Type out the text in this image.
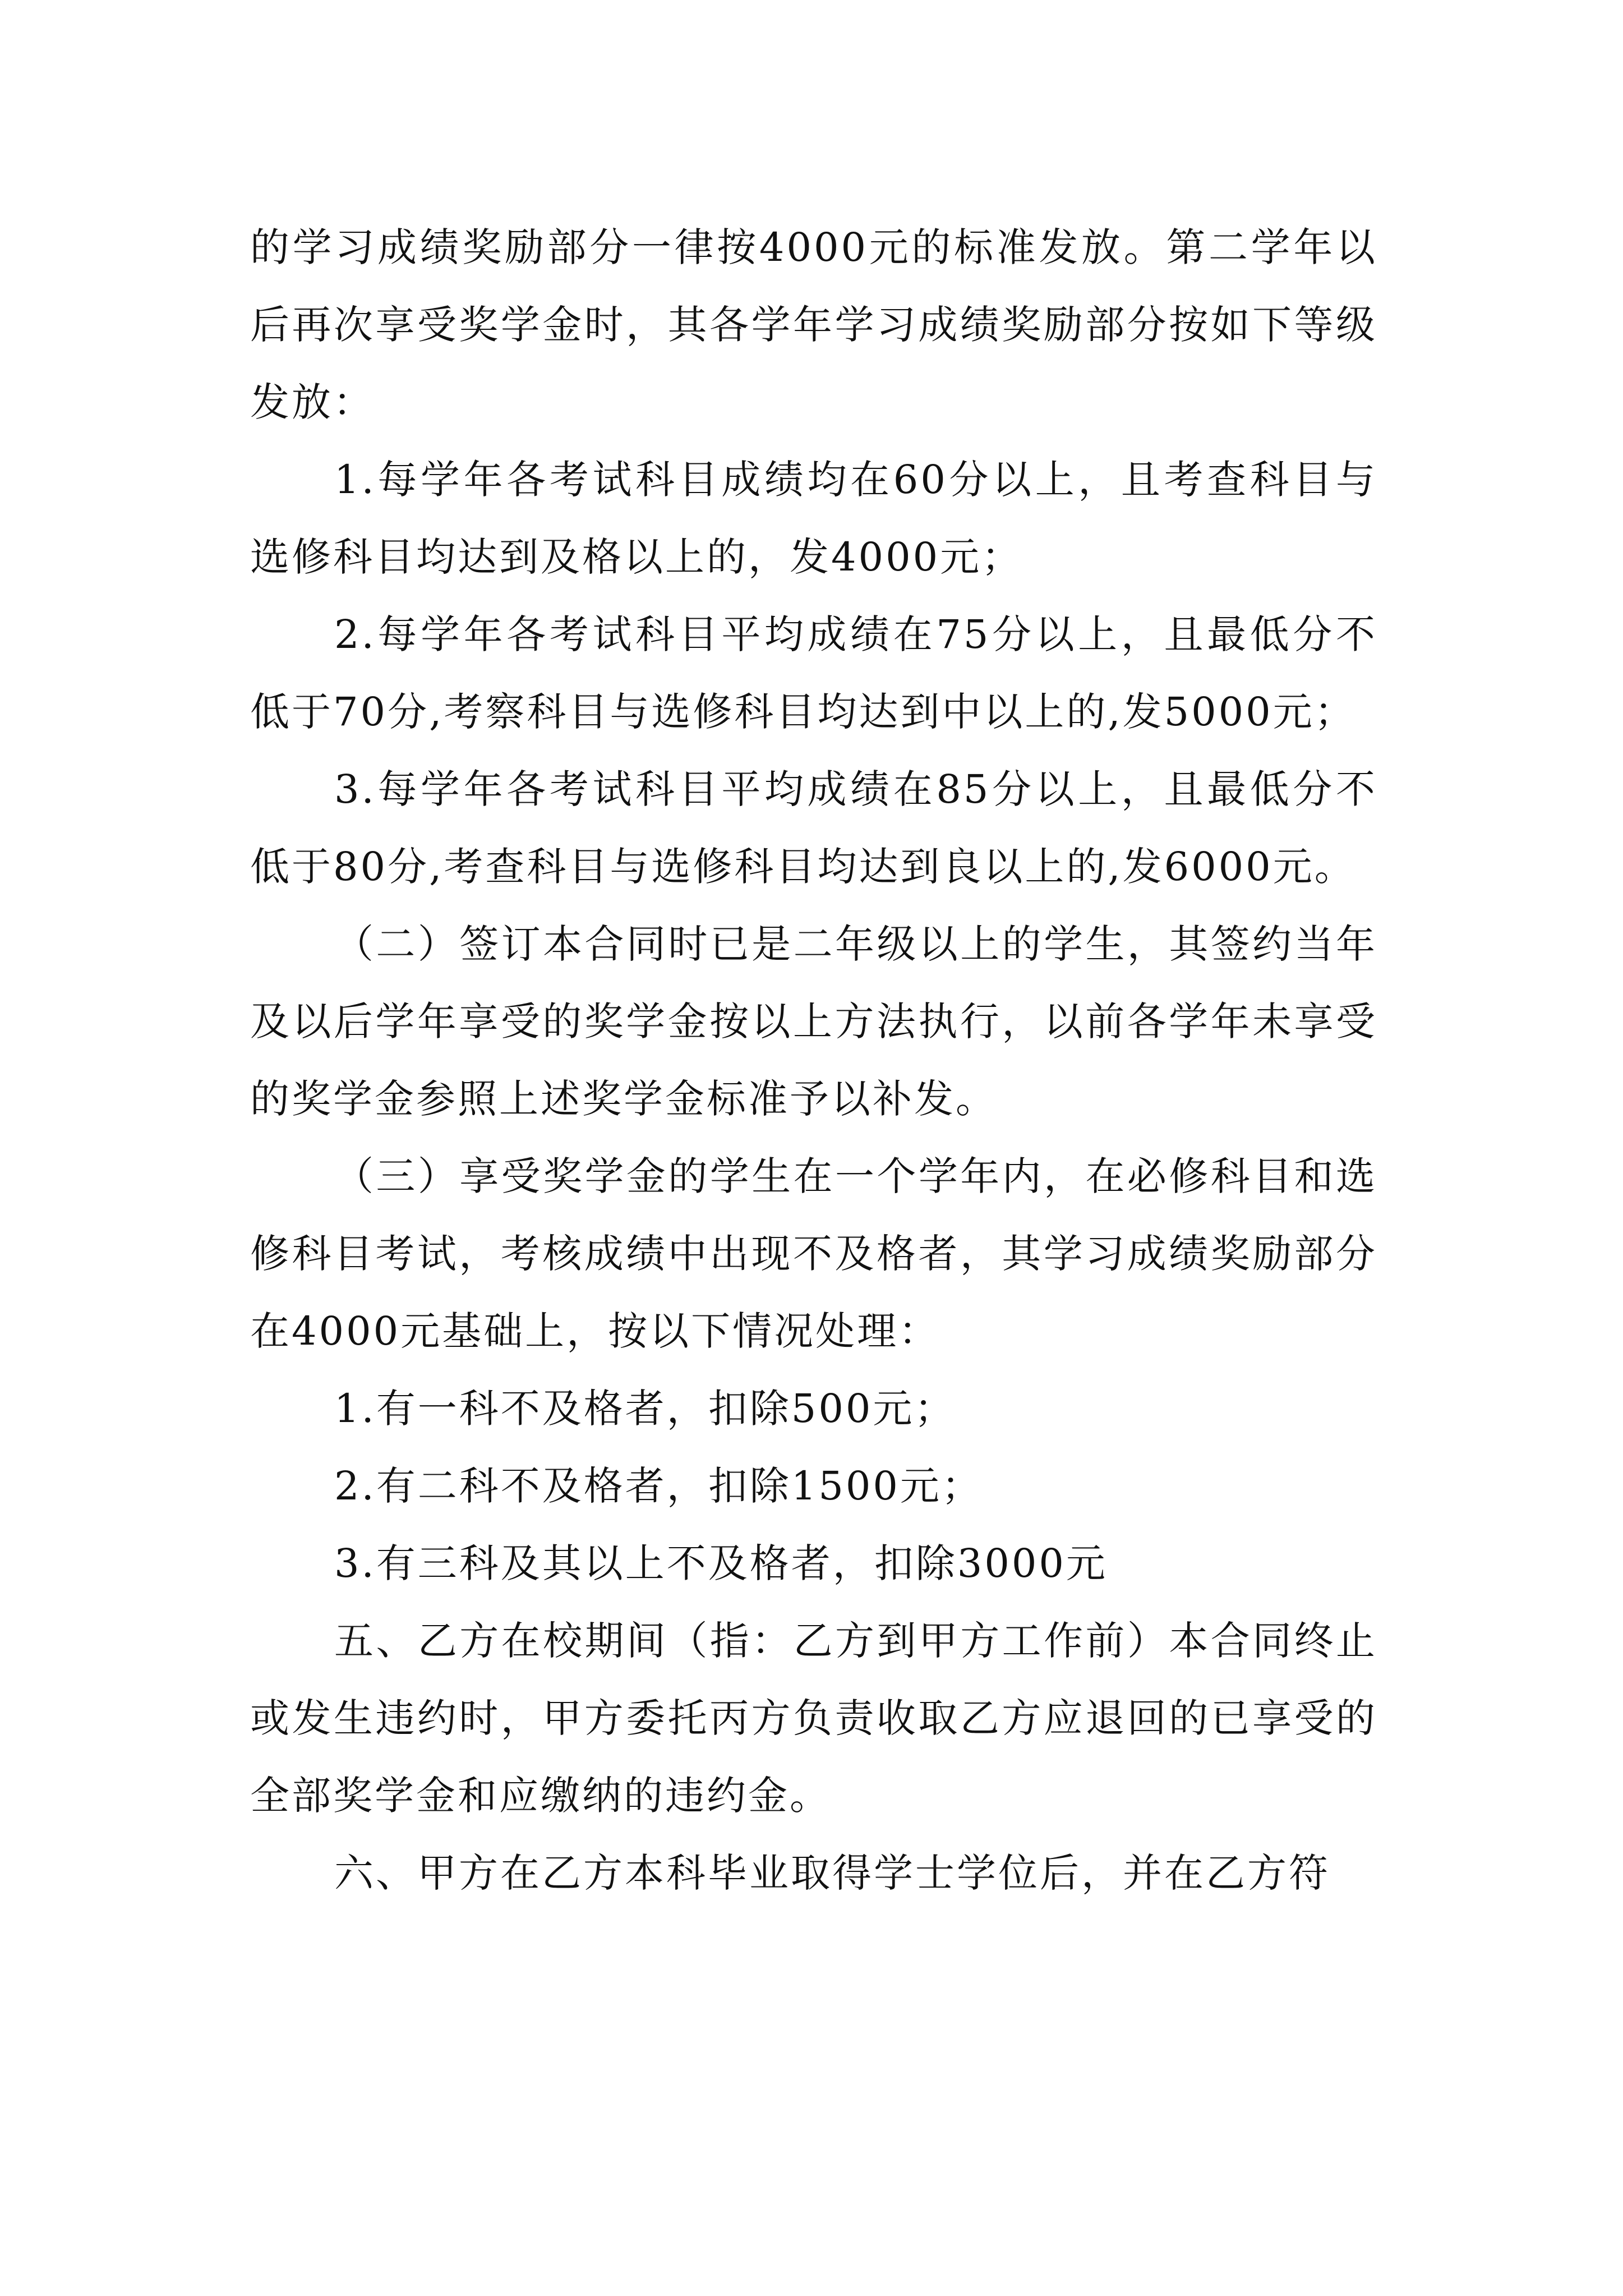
的学习成绩奖励部分一律按4000元的标准发放。第二学年以后再次享受奖学金时，其各学年学习成绩奖励部分按如下等级发放：

1.每学年各考试科目成绩均在60分以上，且考查科目与选修科目均达到及格以上的，发4000元；

2.每学年各考试科目平均成绩在75分以上，且最低分不低于70分,考察科目与选修科目均达到中以上的,发5000元；

3.每学年各考试科目平均成绩在85分以上，且最低分不低于80分,考查科目与选修科目均达到良以上的,发6000元。

（二）签订本合同时已是二年级以上的学生，其签约当年及以后学年享受的奖学金按以上方法执行，以前各学年未享受的奖学金参照上述奖学金标准予以补发。

（三）享受奖学金的学生在一个学年内，在必修科目和选修科目考试，考核成绩中出现不及格者，其学习成绩奖励部分在4000元基础上，按以下情况处理：

1.有一科不及格者，扣除500元；

2.有二科不及格者，扣除1500元；

3.有三科及其以上不及格者，扣除3000元

五、乙方在校期间（指：乙方到甲方工作前）本合同终止或发生违约时，甲方委托丙方负责收取乙方应退回的已享受的全部奖学金和应缴纳的违约金。

六、甲方在乙方本科毕业取得学士学位后，并在乙方符
